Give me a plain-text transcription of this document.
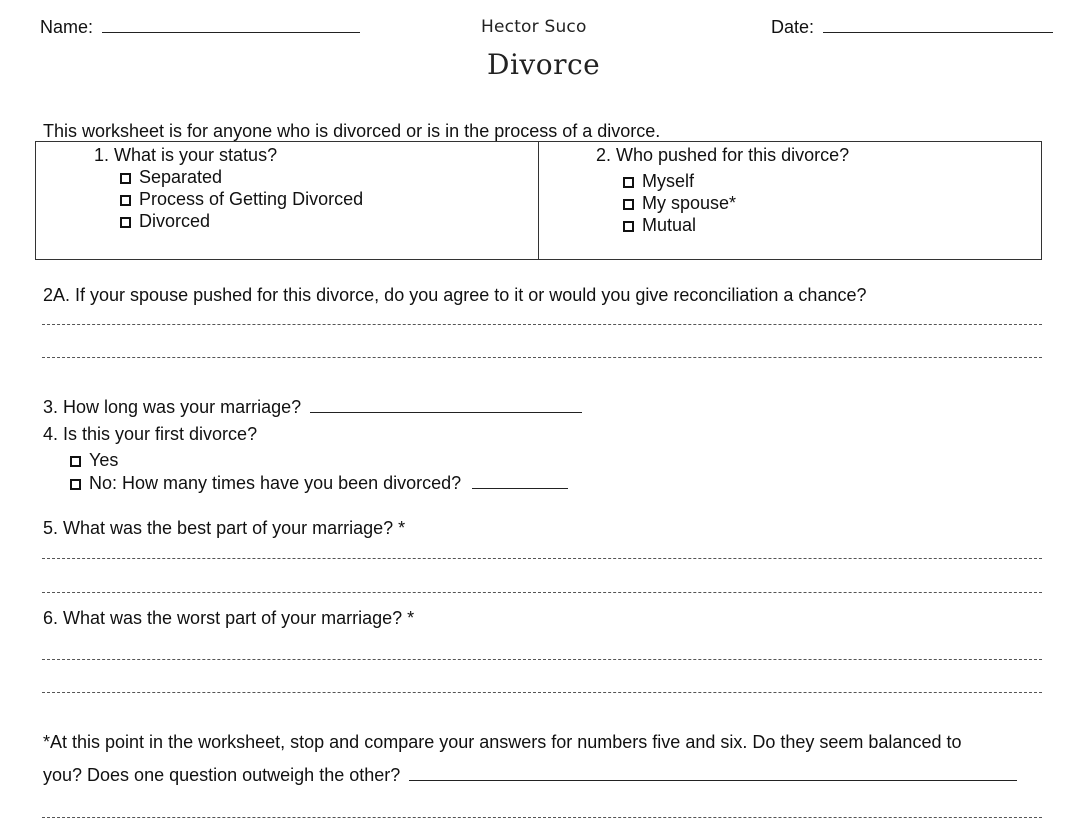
Name:	Hector Suco	Date:
Divorce
This worksheet is for anyone who is divorced or is in the process of a divorce.
1. What is your status?
Separated
Process of Getting Divorced
Divorced
2. Who pushed for this divorce?
Myself
My spouse*
Mutual
2A. If your spouse pushed for this divorce, do you agree to it or would you give reconciliation a chance?
3. How long was your marriage?
4. Is this your first divorce?
Yes
No: How many times have you been divorced?
5. What was the best part of your marriage? *
6. What was the worst part of your marriage? *
*At this point in the worksheet, stop and compare your answers for numbers five and six. Do they seem balanced to
you? Does one question outweigh the other?
